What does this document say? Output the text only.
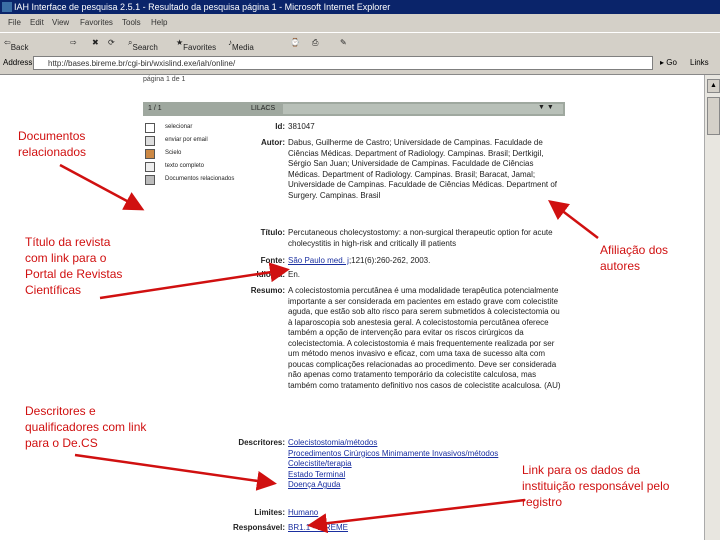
IAH Interface de pesquisa 2.5.1 - Resultado da pesquisa página 1 - Microsoft Internet Explorer
File Edit View Favorites Tools Help
⇦
Back
⇨ ✖ ⟳ ⌕
Search
★
Favorites
♪
Media
⌚ ⎙	✎
Address	http://bases.bireme.br/cgi-bin/wxislind.exe/iah/online/	▸ Go Links
▲
página 1 de 1
1 / 1	LILACS	▼ ▼
selecionar
enviar por email
Scielo
texto completo
Documentos relacionados
Id: 381047
Autor: Dabus, Guilherme de Castro; Universidade de Campinas. Faculdade de Ciências Médicas. Department of Radiology. Campinas. Brasil; Dertkigil, Sérgio San Juan; Universidade de Campinas. Faculdade de Ciências Médicas. Department of Radiology. Campinas. Brasil; Baracat, Jamal; Universidade de Campinas. Faculdade de Ciências Médicas. Department of Surgery. Campinas. Brasil
Título: Percutaneous cholecystostomy: a non-surgical therapeutic option for acute cholecystitis in high-risk and critically ill patients
Fonte: São Paulo med. j;121(6):260-262, 2003.
Idioma: En.
Resumo: A colecistostomia percutânea é uma modalidade terapêutica potencialmente importante a ser considerada em pacientes em estado grave com colecistite aguda, que estão sob alto risco para serem submetidos à colecistectomia ou à laparoscopia sob anestesia geral. A colecistostomia percutânea oferece também a opção de intervenção para evitar os riscos cirúrgicos da colecistectomia. A colecistostomia é mais frequentemente realizada por ser um método menos invasivo e eficaz, com uma taxa de sucesso alta com poucas complicações relacionadas ao procedimento. Deve ser considerada não apenas como tratamento temporário da colecistite calculosa, mas também como tratamento definitivo nos casos de colecistite acalculosa. (AU)
Descritores: Colecistostomia/métodos
Procedimentos Cirúrgicos Minimamente Invasivos/métodos
Colecistite/terapia
Estado Terminal
Doença Aguda
Limites: Humano
Responsável: BR1.1 - BIREME
Documentos relacionados
Título da revista com link para o Portal de Revistas Científicas
Afiliação dos autores
Descritores e qualificadores com link para o De.CS
Link para os dados da instituição responsável pelo registro
